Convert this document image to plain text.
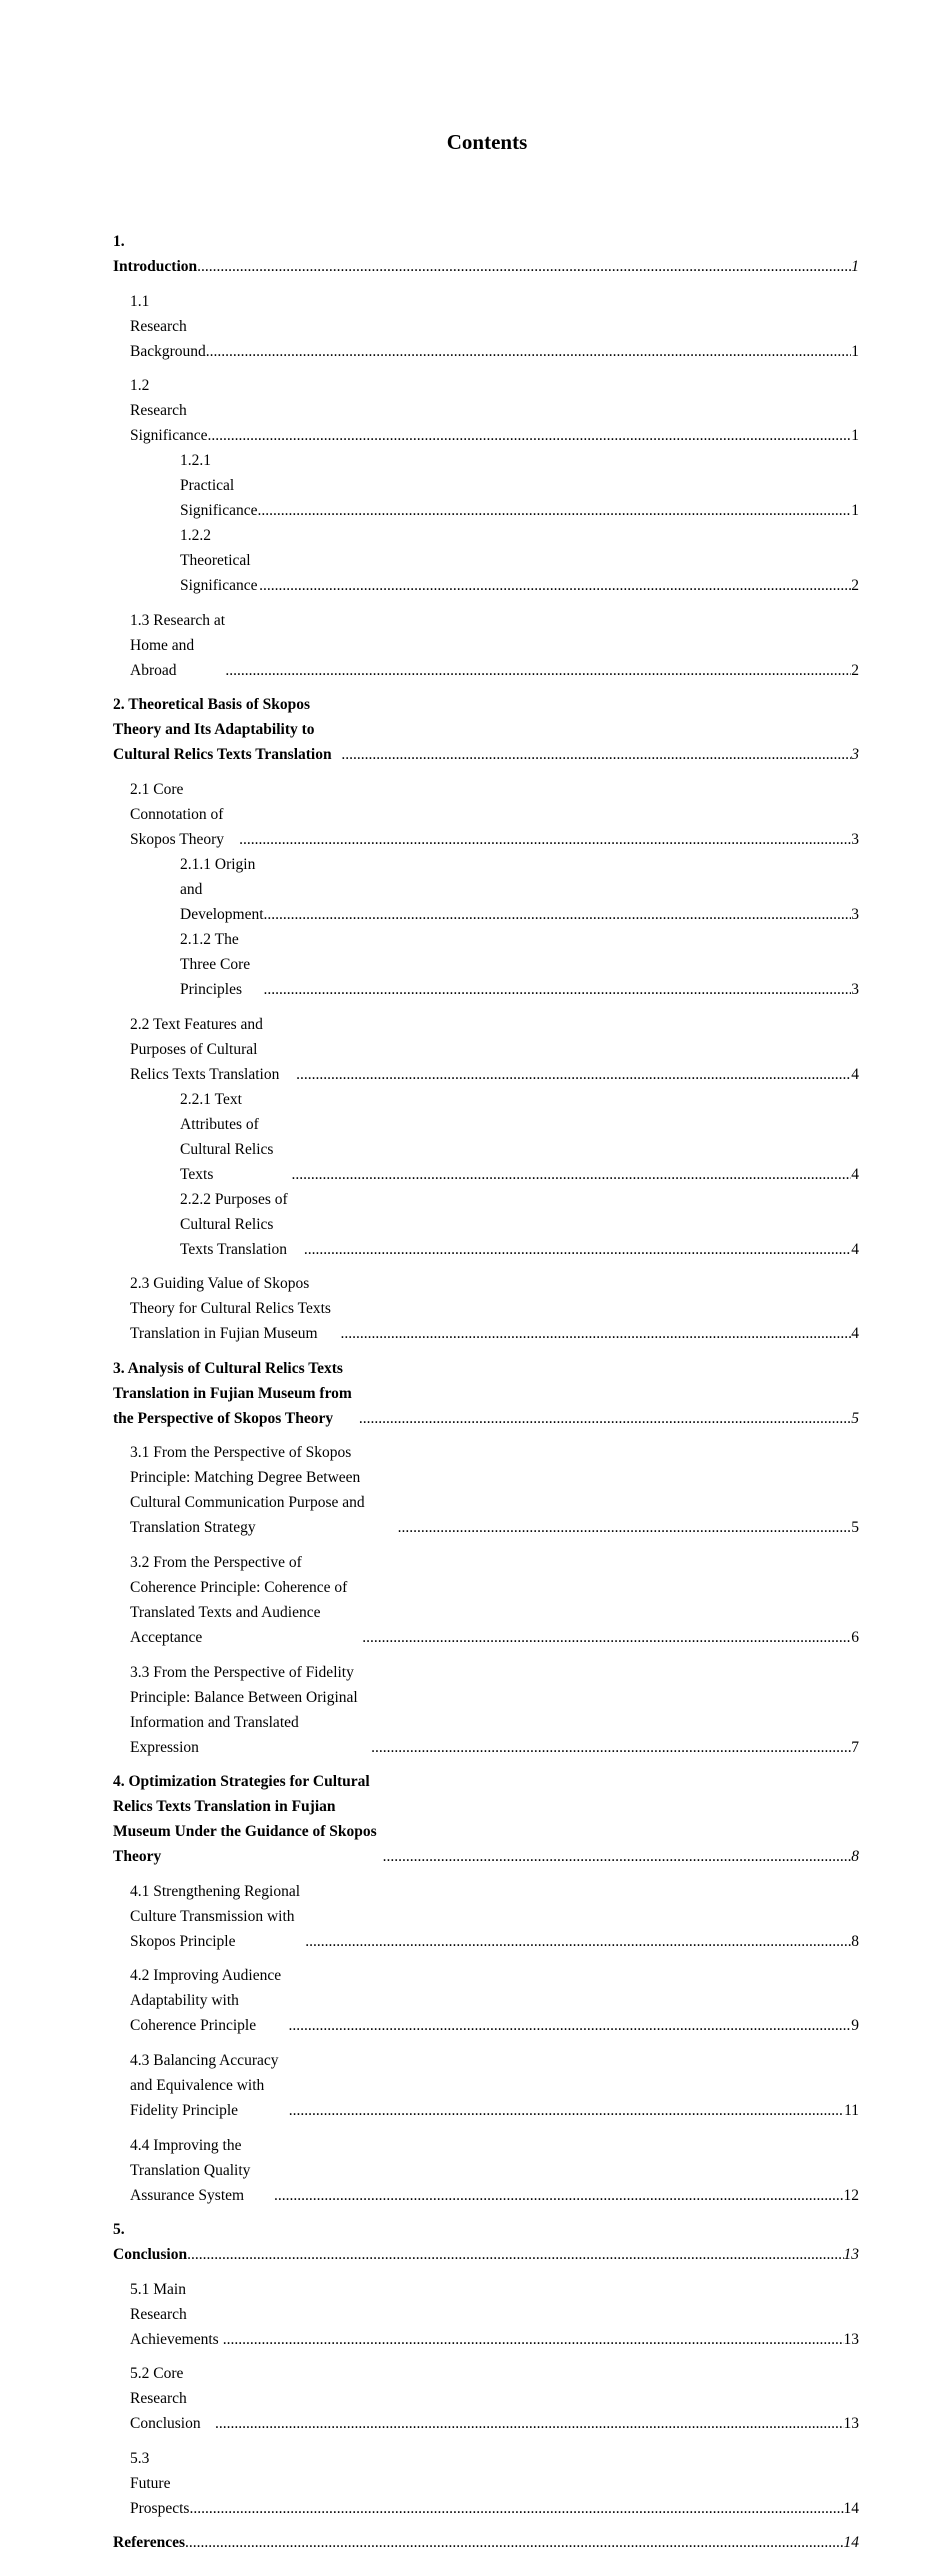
Contents
1. Introduction .....	1
1.1 Research Background .....	1
1.2 Research Significance .....	1
1.2.1 Practical Significance .....	1
1.2.2 Theoretical Significance .....	2
1.3 Research at Home and Abroad .....	2
2. Theoretical Basis of Skopos Theory and Its Adaptability to Cultural Relics Texts Translation .....	3
2.1 Core Connotation of Skopos Theory .....	3
2.1.1 Origin and Development .....	3
2.1.2 The Three Core Principles .....	3
2.2 Text Features and Purposes of Cultural Relics Texts Translation .....	4
2.2.1 Text Attributes of Cultural Relics Texts .....	4
2.2.2 Purposes of Cultural Relics Texts Translation .....	4
2.3 Guiding Value of Skopos Theory for Cultural Relics Texts Translation in Fujian Museum .....	4
3. Analysis of Cultural Relics Texts Translation in Fujian Museum from the Perspective of Skopos Theory .....	5
3.1 From the Perspective of Skopos Principle: Matching Degree Between Cultural Communication Purpose and Translation Strategy .....	5
3.2 From the Perspective of Coherence Principle: Coherence of Translated Texts and Audience Acceptance .....	6
3.3 From the Perspective of Fidelity Principle: Balance Between Original Information and Translated Expression .....	7
4. Optimization Strategies for Cultural Relics Texts Translation in Fujian Museum Under the Guidance of Skopos Theory .....	8
4.1 Strengthening Regional Culture Transmission with Skopos Principle .....	8
4.2 Improving Audience Adaptability with Coherence Principle .....	9
4.3 Balancing Accuracy and Equivalence with Fidelity Principle .....	11
4.4 Improving the Translation Quality Assurance System .....	12
5. Conclusion .....	13
5.1 Main Research Achievements .....	13
5.2 Core Research Conclusion .....	13
5.3 Future Prospects .....	14
References .....	14
